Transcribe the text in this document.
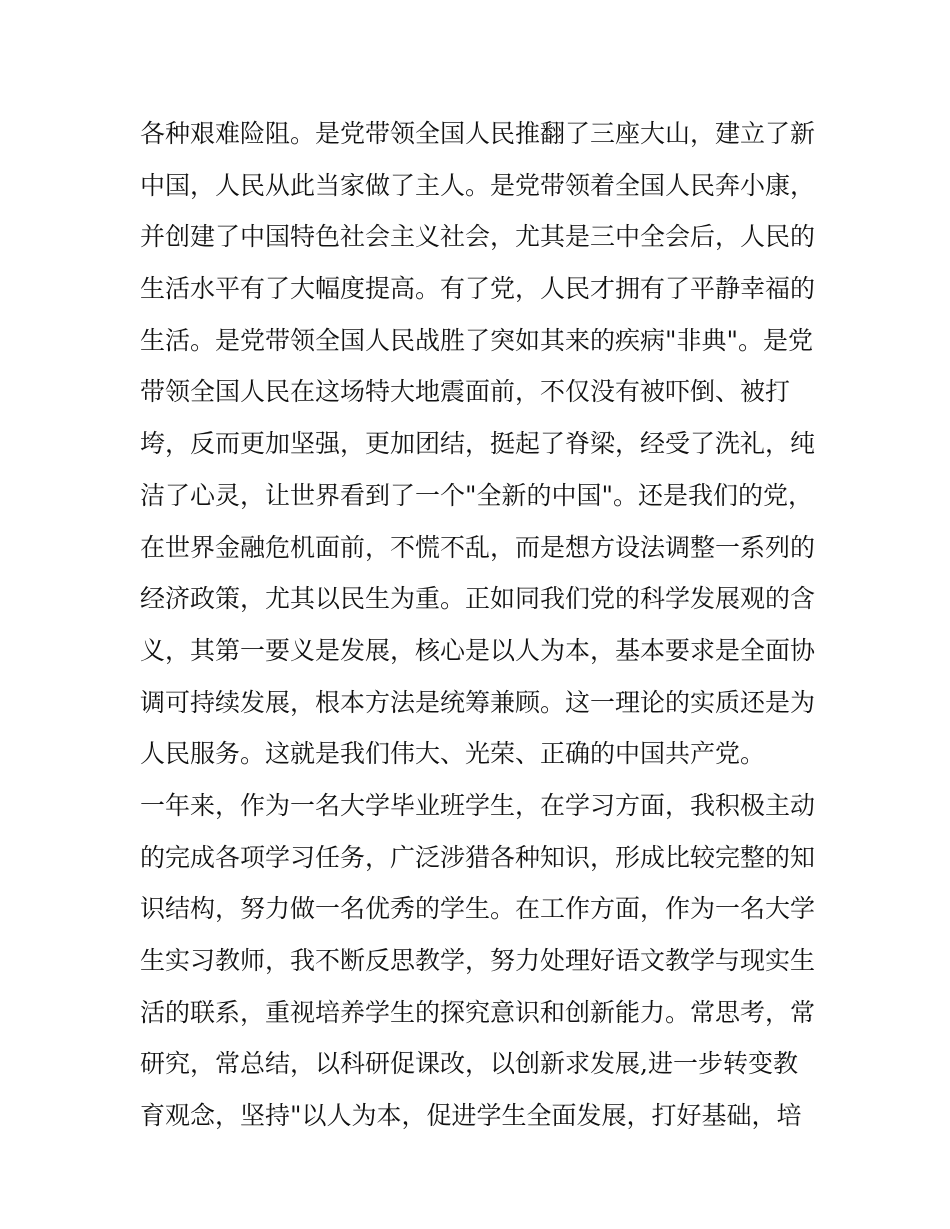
各种艰难险阻。是党带领全国人民推翻了三座大山，建立了新
中国，人民从此当家做了主人。是党带领着全国人民奔小康，
并创建了中国特色社会主义社会，尤其是三中全会后，人民的
生活水平有了大幅度提高。有了党，人民才拥有了平静幸福的
生活。是党带领全国人民战胜了突如其来的疾病"非典"。是党
带领全国人民在这场特大地震面前，不仅没有被吓倒、被打
垮，反而更加坚强，更加团结，挺起了脊梁，经受了洗礼，纯
洁了心灵，让世界看到了一个"全新的中国"。还是我们的党，
在世界金融危机面前，不慌不乱，而是想方设法调整一系列的
经济政策，尤其以民生为重。正如同我们党的科学发展观的含
义，其第一要义是发展，核心是以人为本，基本要求是全面协
调可持续发展，根本方法是统筹兼顾。这一理论的实质还是为
人民服务。这就是我们伟大、光荣、正确的中国共产党。
一年来，作为一名大学毕业班学生，在学习方面，我积极主动
的完成各项学习任务，广泛涉猎各种知识，形成比较完整的知
识结构，努力做一名优秀的学生。在工作方面，作为一名大学
生实习教师，我不断反思教学，努力处理好语文教学与现实生
活的联系，重视培养学生的探究意识和创新能力。常思考，常
研究，常总结，以科研促课改，以创新求发展,进一步转变教
育观念，坚持"以人为本，促进学生全面发展，打好基础，培
